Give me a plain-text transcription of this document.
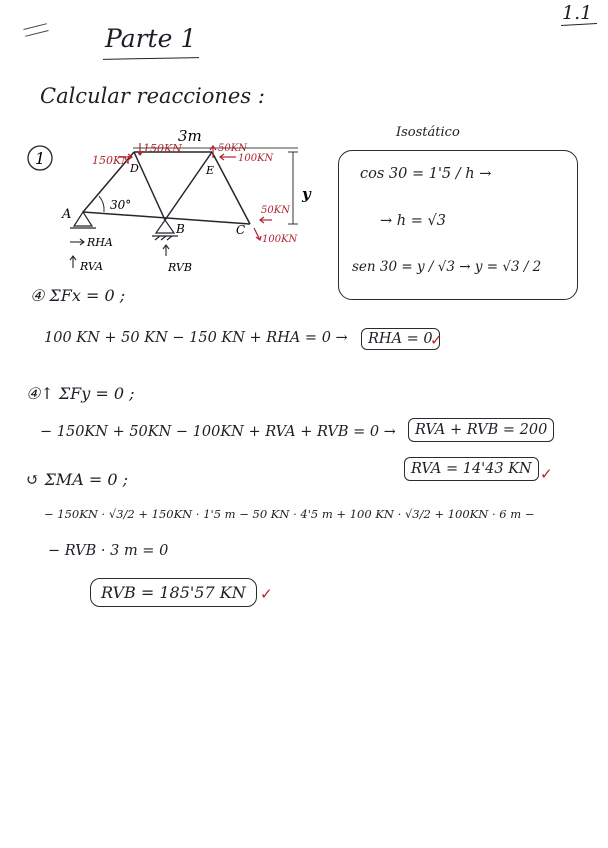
1.1
Parte 1
Calcular reacciones :
1
3m
30°
A
B	C
D	E
150KN
150KN	50KN
100KN
50KN
100KN
y
RHA
RVA	RVB
Isostático
cos 30 = 1'5 / h →
→ h = √3
sen 30 = y / √3 → y = √3 / 2
④ ΣFx = 0 ;
100 KN + 50 KN − 150 KN + RHA = 0 →	RHA = 0
✓
④↑ ΣFy = 0 ;
− 150KN + 50KN − 100KN + RVA + RVB = 0 →	RVA + RVB = 200
RVA = 14'43 KN ✓
↺ ΣMA = 0 ;
− 150KN · √3/2 + 150KN · 1'5 m − 50 KN · 4'5 m + 100 KN · √3/2 + 100KN · 6 m −
− RVB · 3 m = 0
RVB = 185'57 KN ✓
